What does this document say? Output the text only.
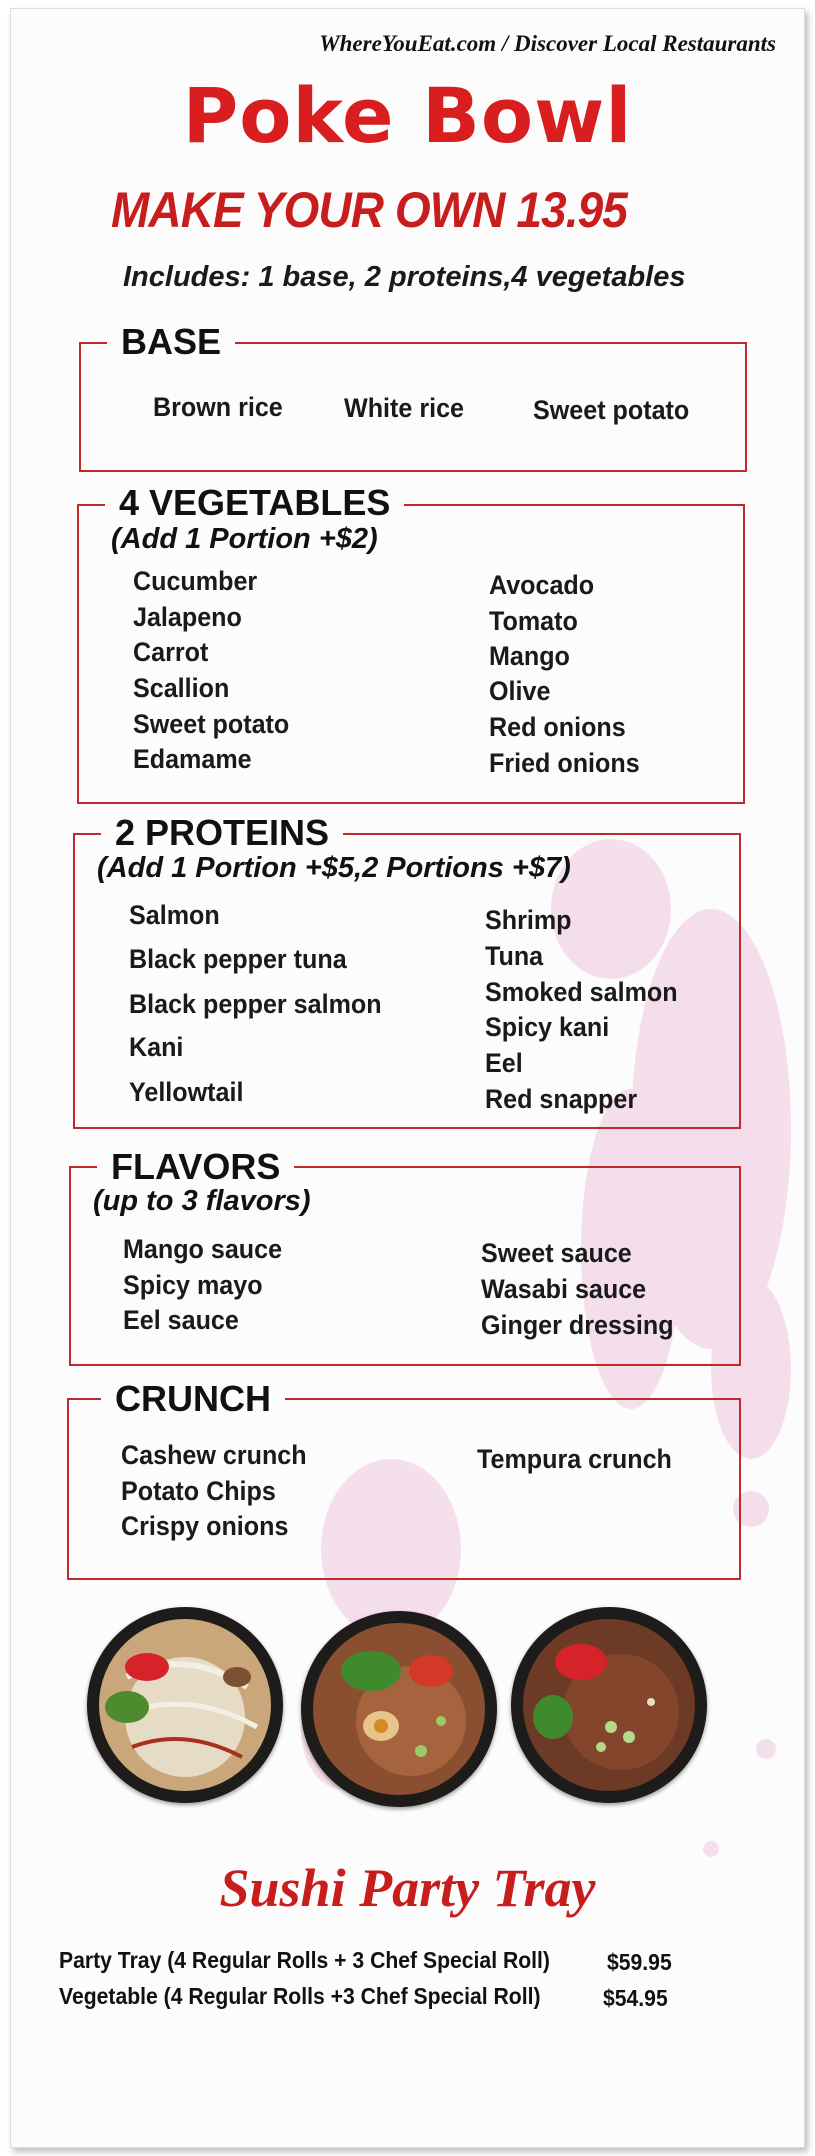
WhereYouEat.com / Discover Local Restaurants
Poke Bowl
MAKE YOUR OWN 13.95
Includes: 1 base, 2 proteins,4 vegetables
BASE
Brown rice White rice	Sweet potato
4 VEGETABLES
(Add 1 Portion +$2)
Cucumber
Jalapeno
Carrot
Scallion
Sweet potato
Edamame
Avocado
Tomato
Mango
Olive
Red onions
Fried onions
2 PROTEINS
(Add 1 Portion +$5,2 Portions +$7)
Salmon
Black pepper tuna
Black pepper salmon
Kani
Yellowtail
Shrimp
Tuna
Smoked salmon
Spicy kani
Eel
Red snapper
FLAVORS
(up to 3 flavors)
Mango sauce
Spicy mayo
Eel sauce
Sweet sauce
Wasabi sauce
Ginger dressing
CRUNCH
Cashew crunch
Potato Chips
Crispy onions
Tempura crunch
Sushi Party Tray
Party Tray (4 Regular Rolls + 3 Chef Special Roll) $59.95
Vegetable (4 Regular Rolls +3 Chef Special Roll)	$54.95
